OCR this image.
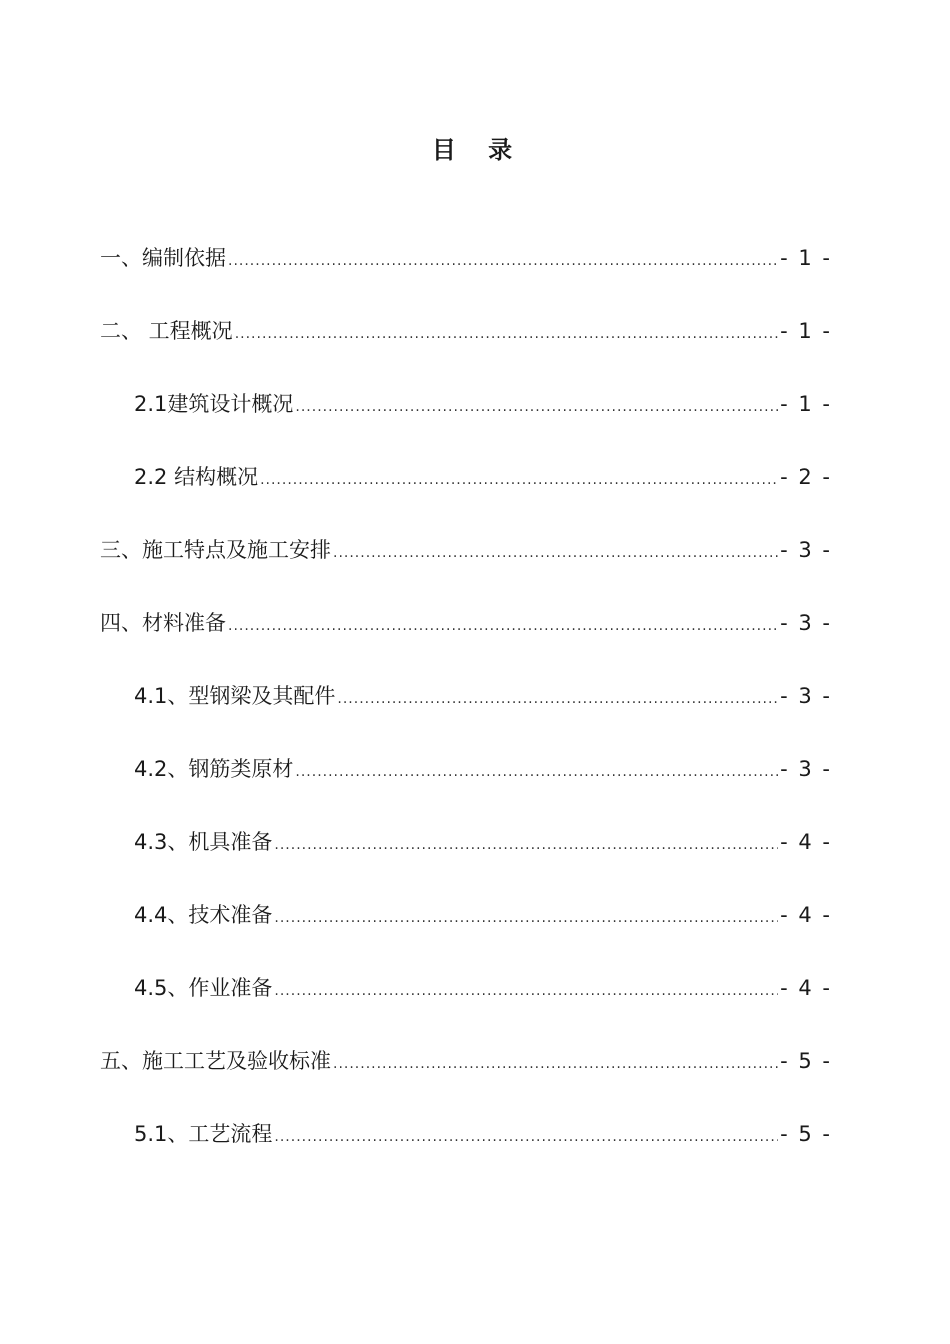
目 录
一、编制依据 .....	- 1 -
二、 工程概况 .....	- 1 -
2.1建筑设计概况 .....	- 1 -
2.2 结构概况 .....	- 2 -
三、施工特点及施工安排 .....	- 3 -
四、材料准备 .....	- 3 -
4.1、型钢梁及其配件 .....	- 3 -
4.2、钢筋类原材 .....	- 3 -
4.3、机具准备 .....	- 4 -
4.4、技术准备 .....	- 4 -
4.5、作业准备 .....	- 4 -
五、施工工艺及验收标准 .....	- 5 -
5.1、工艺流程 .....	- 5 -
